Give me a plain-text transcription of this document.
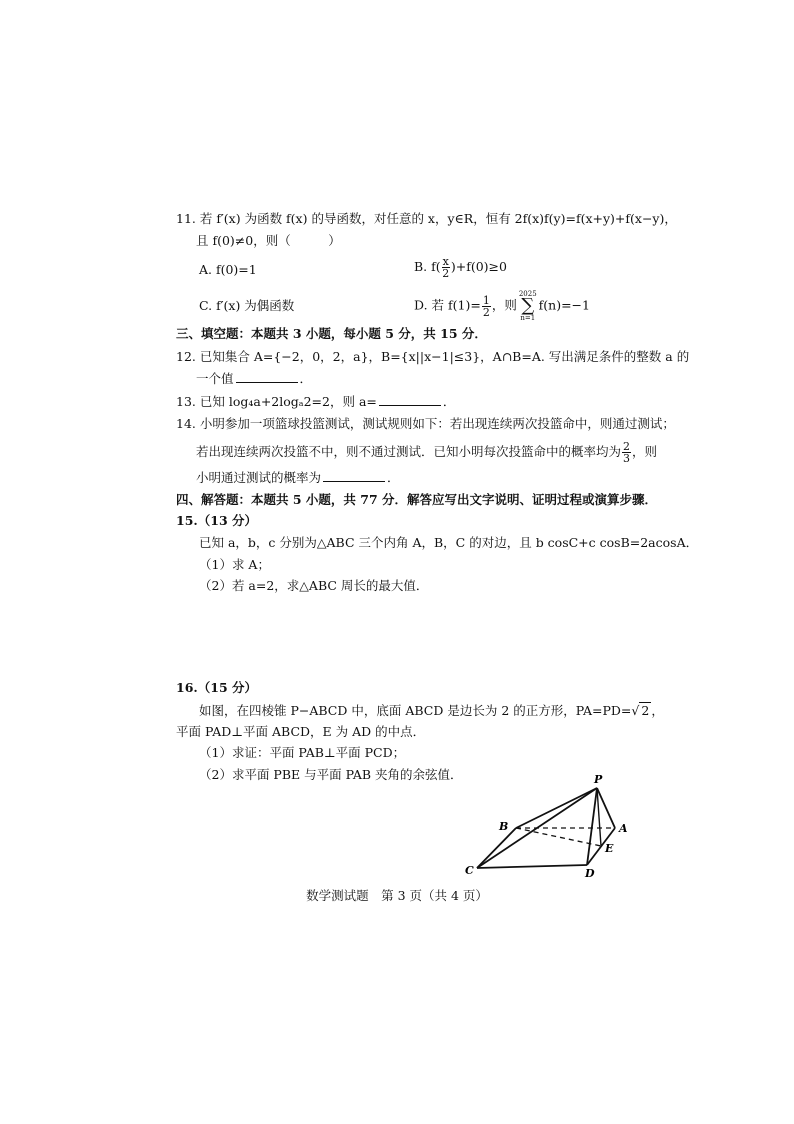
11. 若 f′(x) 为函数 f(x) 的导函数，对任意的 x，y∈R，恒有 2f(x)f(y)=f(x+y)+f(x−y)，
且 f(0)≠0，则（　　　）
A. f(0)=1	B. $f( \frac{x}{2} )+f(0)\ge 0$
C. f′(x) 为偶函数	D. 若 $f(1)= \frac{1}{2}$ ，则
2025
∑
n=1
f(n)=−1
三、填空题：本题共 3 小题，每小题 5 分，共 15 分．
12. 已知集合 A={−2，0，2，a}，B={x||x−1|≤3}，A∩B=A. 写出满足条件的整数 a 的
一个值	．
13. 已知 log₄a+2logₐ2=2，则 a=	．
14. 小明参加一项篮球投篮测试，测试规则如下：若出现连续两次投篮命中，则通过测试；
若出现连续两次投篮不中，则不通过测试．已知小明每次投篮命中的概率均为 $\frac{2}{3}$ ，则
小明通过测试的概率为	．
四、解答题：本题共 5 小题，共 77 分．解答应写出文字说明、证明过程或演算步骤．
15.（13 分）
已知 a，b，c 分别为△ABC 三个内角 A，B，C 的对边，且 b cosC+c cosB=2acosA．
（1）求 A；
（2）若 a=2，求△ABC 周长的最大值．
16.（15 分）
如图，在四棱锥 P−ABCD 中，底面 ABCD 是边长为 2 的正方形，PA=PD=√ 2 ，
平面 PAD⊥平面 ABCD，E 为 AD 的中点．
（1）求证：平面 PAB⊥平面 PCD；
（2）求平面 PBE 与平面 PAB 夹角的余弦值．	P
A
B
C	D
E
数学测试题　第 3 页（共 4 页）
